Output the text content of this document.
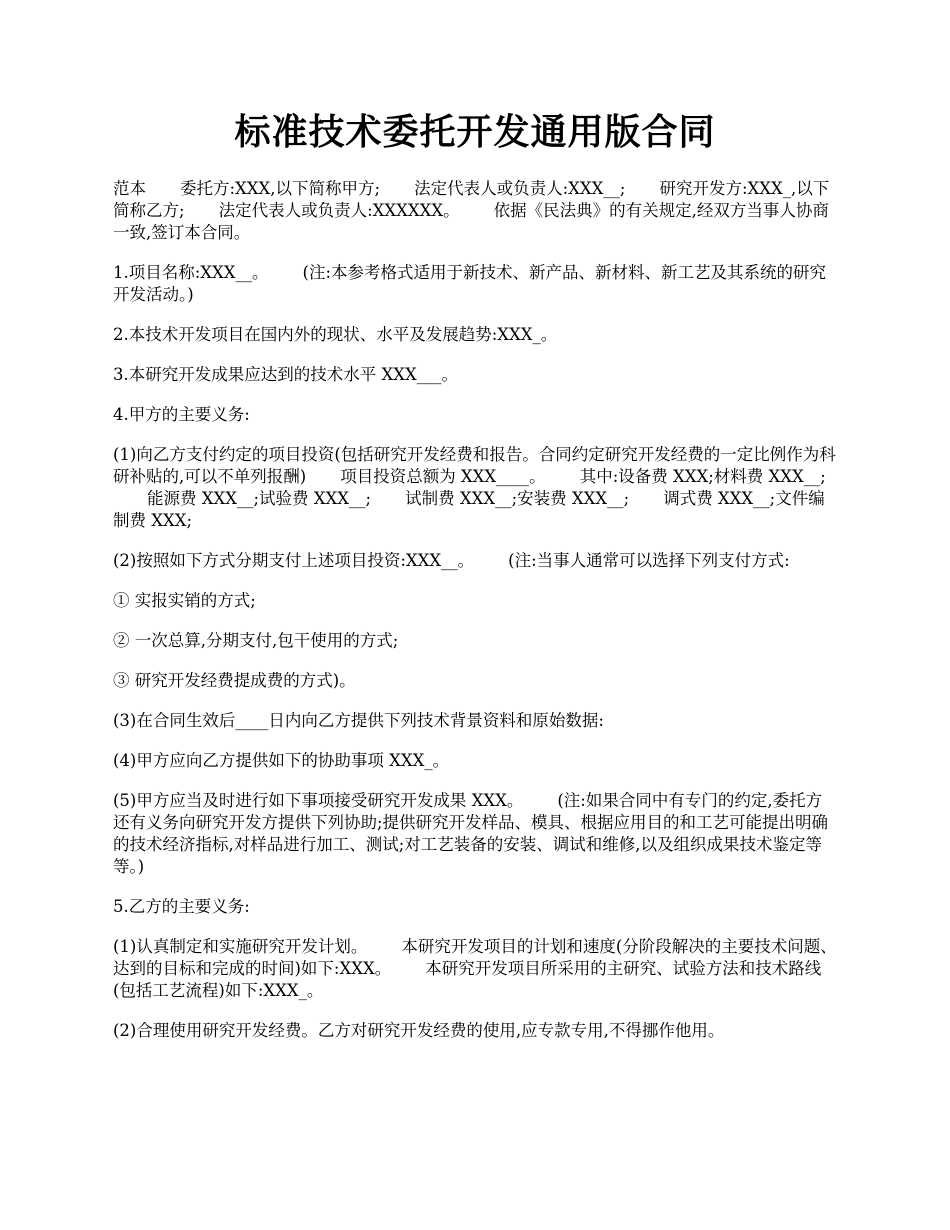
标准技术委托开发通用版合同

范本 委托方:XXX,以下简称甲方; 法定代表人或负责人:XXX__; 研究开发方:XXX_,以下简称乙方; 法定代表人或负责人:XXXXXX。 依据《民法典》的有关规定,经双方当事人协商一致,签订本合同。

1.项目名称:XXX__。 (注:本参考格式适用于新技术、新产品、新材料、新工艺及其系统的研究开发活动。)

2.本技术开发项目在国内外的现状、水平及发展趋势:XXX_。

3.本研究开发成果应达到的技术水平 XXX___。

4.甲方的主要义务:

(1)向乙方支付约定的项目投资(包括研究开发经费和报告。合同约定研究开发经费的一定比例作为科研补贴的,可以不单列报酬) 项目投资总额为 XXX____。 其中:设备费 XXX;材料费 XXX__;能源费 XXX__;试验费 XXX__; 试制费 XXX__;安装费 XXX__; 调式费 XXX__;文件编制费 XXX;

(2)按照如下方式分期支付上述项目投资:XXX__。 (注:当事人通常可以选择下列支付方式:

① 实报实销的方式;

② 一次总算,分期支付,包干使用的方式;

③ 研究开发经费提成费的方式)。

(3)在合同生效后____日内向乙方提供下列技术背景资料和原始数据:

(4)甲方应向乙方提供如下的协助事项 XXX_。

(5)甲方应当及时进行如下事项接受研究开发成果 XXX。 (注:如果合同中有专门的约定,委托方还有义务向研究开发方提供下列协助;提供研究开发样品、模具、根据应用目的和工艺可能提出明确的技术经济指标,对样品进行加工、测试;对工艺装备的安装、调试和维修,以及组织成果技术鉴定等等。)

5.乙方的主要义务:

(1)认真制定和实施研究开发计划。 本研究开发项目的计划和速度(分阶段解决的主要技术问题、达到的目标和完成的时间)如下:XXX。 本研究开发项目所采用的主研究、试验方法和技术路线(包括工艺流程)如下:XXX_。

(2)合理使用研究开发经费。乙方对研究开发经费的使用,应专款专用,不得挪作他用。
